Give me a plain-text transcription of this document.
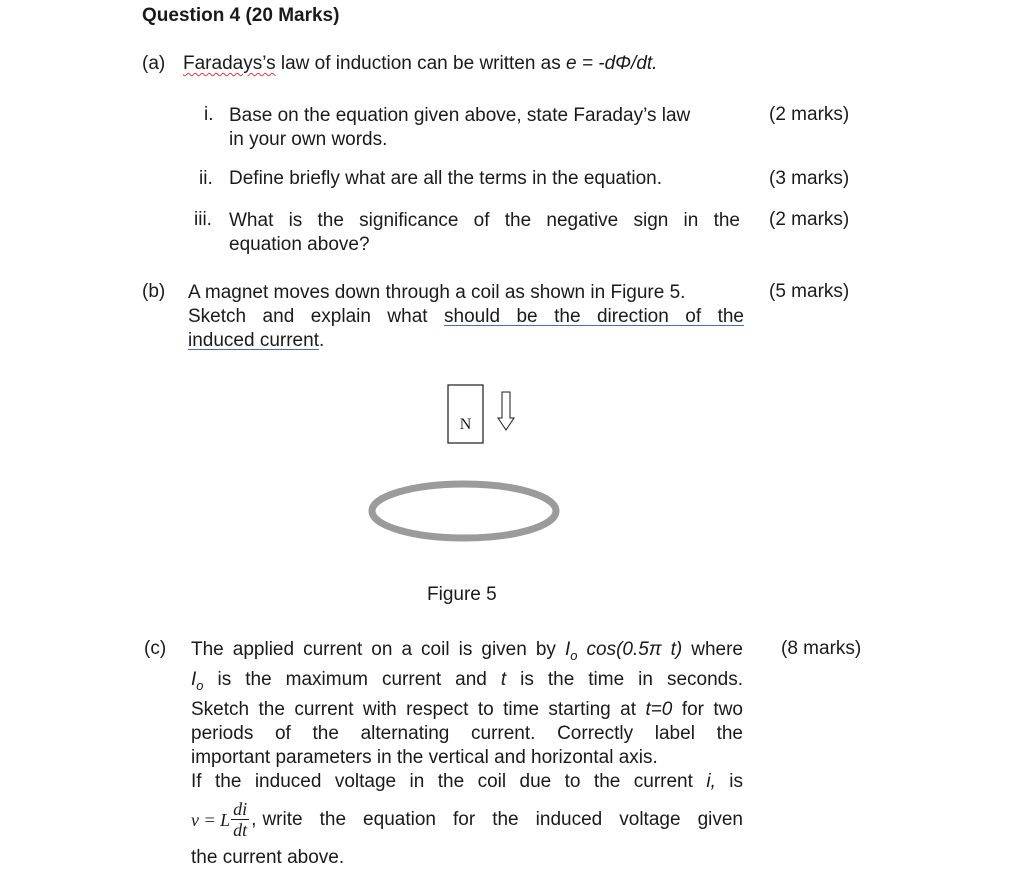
Question 4 (20 Marks)
(a) Faradays’s law of induction can be written as e = -dΦ/dt.
i. Base on the equation given above, state Faraday’s law
in your own words.
(2 marks)
ii. Define briefly what are all the terms in the equation.	(3 marks)
iii. What is the significance of the negative sign in the
equation above?
(2 marks)
(b) A magnet moves down through a coil as shown in Figure 5.
Sketch and explain what should be the direction of the
induced current.
(5 marks)
N
Figure 5
(c)	(8 marks)
The applied current on a coil is given by $I_o$ cos(0.5π t) where
$I_o$ is the maximum current and t is the time in seconds.
Sketch the current with respect to time starting at t=0 for two
periods of the alternating current. Correctly label the
important parameters in the vertical and horizontal axis.
If the induced voltage in the coil due to the current i, is
v = L $\frac{di}{dt}$ , write the equation for the induced voltage given
the current above.
